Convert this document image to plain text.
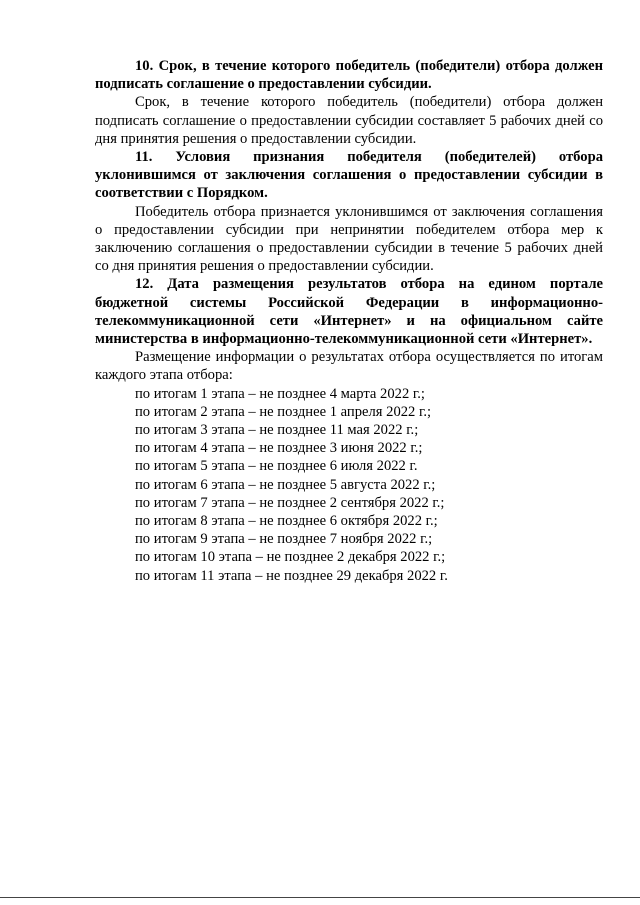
10. Срок, в течение которого победитель (победители) отбора должен подписать соглашение о предоставлении субсидии.

Срок, в течение которого победитель (победители) отбора должен подписать соглашение о предоставлении субсидии составляет 5 рабочих дней со дня принятия решения о предоставлении субсидии.

11. Условия признания победителя (победителей) отбора уклонившимся от заключения соглашения о предоставлении субсидии в соответствии с Порядком.

Победитель отбора признается уклонившимся от заключения соглашения о предоставлении субсидии при непринятии победителем отбора мер к заключению соглашения о предоставлении субсидии в течение 5 рабочих дней со дня принятия решения о предоставлении субсидии.

12. Дата размещения результатов отбора на едином портале бюджетной системы Российской Федерации в информационно-телекоммуникационной сети «Интернет» и на официальном сайте министерства в информационно-телекоммуникационной сети «Интернет».

Размещение информации о результатах отбора осуществляется по итогам каждого этапа отбора:

по итогам 1 этапа – не позднее 4 марта 2022 г.;
по итогам 2 этапа – не позднее 1 апреля 2022 г.;
по итогам 3 этапа – не позднее 11 мая 2022 г.;
по итогам 4 этапа – не позднее 3 июня 2022 г.;
по итогам 5 этапа – не позднее 6 июля 2022 г.
по итогам 6 этапа – не позднее 5 августа 2022 г.;
по итогам 7 этапа – не позднее 2 сентября 2022 г.;
по итогам 8 этапа – не позднее 6 октября 2022 г.;
по итогам 9 этапа – не позднее 7 ноября 2022 г.;
по итогам 10 этапа – не позднее 2 декабря 2022 г.;
по итогам 11 этапа – не позднее 29 декабря 2022 г.
